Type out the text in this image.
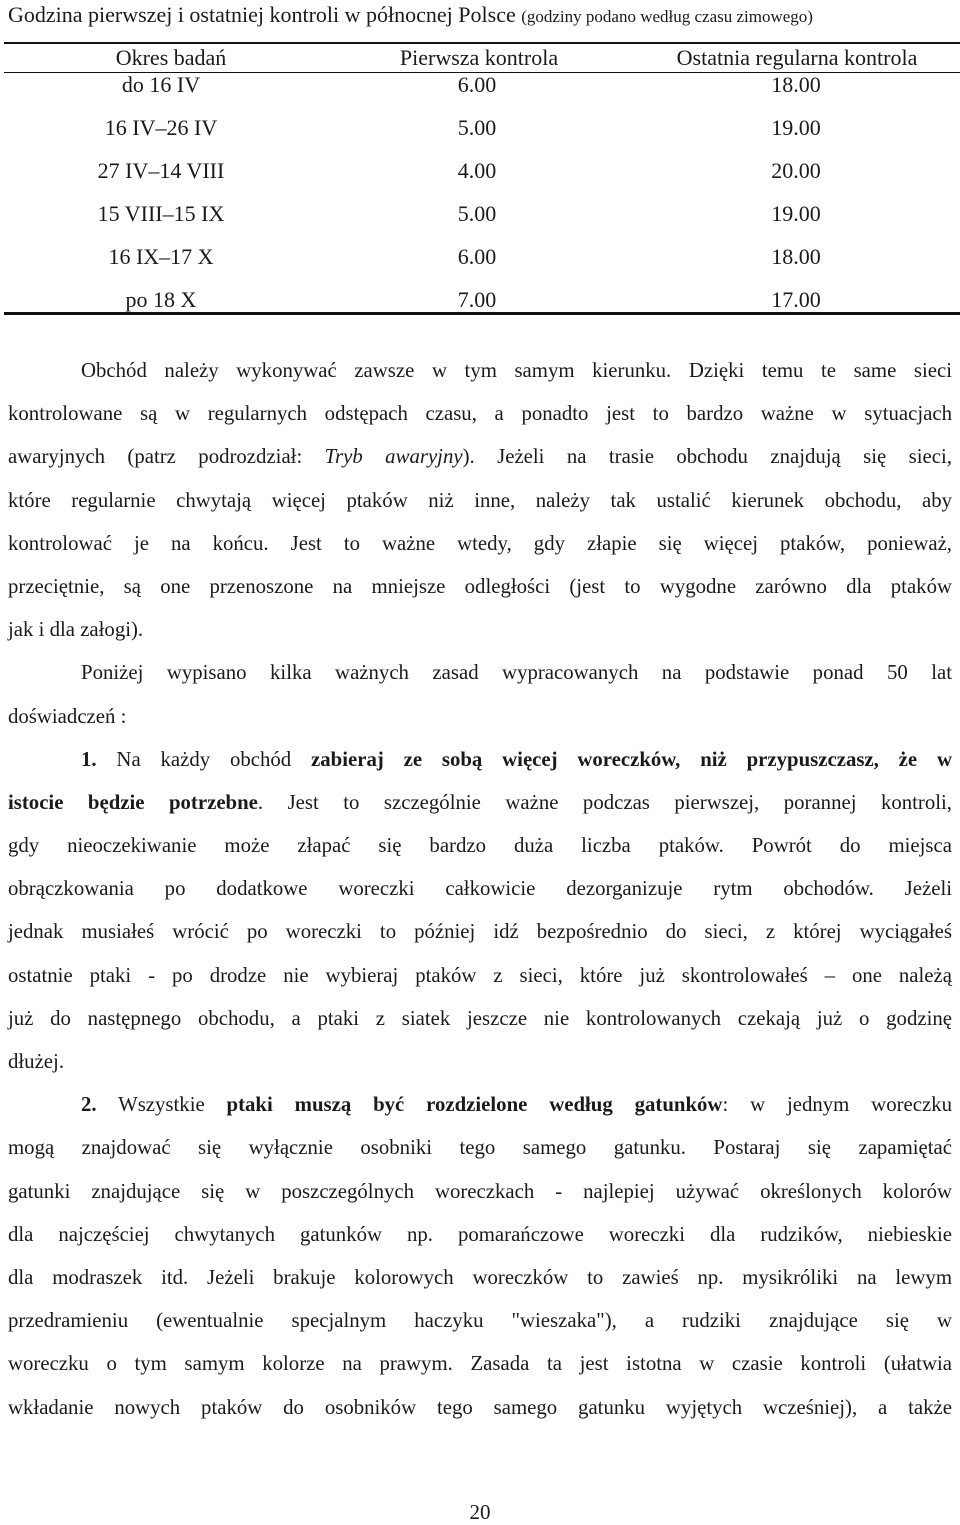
Godzina pierwszej i ostatniej kontroli w północnej Polsce (godziny podano według czasu zimowego)
Okres badań	Pierwsza kontrola	Ostatnia regularna kontrola
do 16 IV	6.00	18.00
16 IV–26 IV	5.00	19.00
27 IV–14 VIII	4.00	20.00
15 VIII–15 IX	5.00	19.00
16 IX–17 X	6.00	18.00
po 18 X	7.00	17.00
Obchód należy wykonywać zawsze w tym samym kierunku. Dzięki temu te same sieci
kontrolowane są w regularnych odstępach czasu, a ponadto jest to bardzo ważne w sytuacjach
awaryjnych (patrz podrozdział: Tryb awaryjny). Jeżeli na trasie obchodu znajdują się sieci,
które regularnie chwytają więcej ptaków niż inne, należy tak ustalić kierunek obchodu, aby
kontrolować je na końcu. Jest to ważne wtedy, gdy złapie się więcej ptaków, ponieważ,
przeciętnie, są one przenoszone na mniejsze odległości (jest to wygodne zarówno dla ptaków
jak i dla załogi).
Poniżej wypisano kilka ważnych zasad wypracowanych na podstawie ponad 50 lat
doświadczeń :
1. Na każdy obchód zabieraj ze sobą więcej woreczków, niż przypuszczasz, że w
istocie będzie potrzebne. Jest to szczególnie ważne podczas pierwszej, porannej kontroli,
gdy nieoczekiwanie może złapać się bardzo duża liczba ptaków. Powrót do miejsca
obrączkowania po dodatkowe woreczki całkowicie dezorganizuje rytm obchodów. Jeżeli
jednak musiałeś wrócić po woreczki to później idź bezpośrednio do sieci, z której wyciągałeś
ostatnie ptaki - po drodze nie wybieraj ptaków z sieci, które już skontrolowałeś – one należą
już do następnego obchodu, a ptaki z siatek jeszcze nie kontrolowanych czekają już o godzinę
dłużej.
2. Wszystkie ptaki muszą być rozdzielone według gatunków: w jednym woreczku
mogą znajdować się wyłącznie osobniki tego samego gatunku. Postaraj się zapamiętać
gatunki znajdujące się w poszczególnych woreczkach - najlepiej używać określonych kolorów
dla najczęściej chwytanych gatunków np. pomarańczowe woreczki dla rudzików, niebieskie
dla modraszek itd. Jeżeli brakuje kolorowych woreczków to zawieś np. mysikróliki na lewym
przedramieniu (ewentualnie specjalnym haczyku "wieszaka"), a rudziki znajdujące się w
woreczku o tym samym kolorze na prawym. Zasada ta jest istotna w czasie kontroli (ułatwia
wkładanie nowych ptaków do osobników tego samego gatunku wyjętych wcześniej), a także
20
